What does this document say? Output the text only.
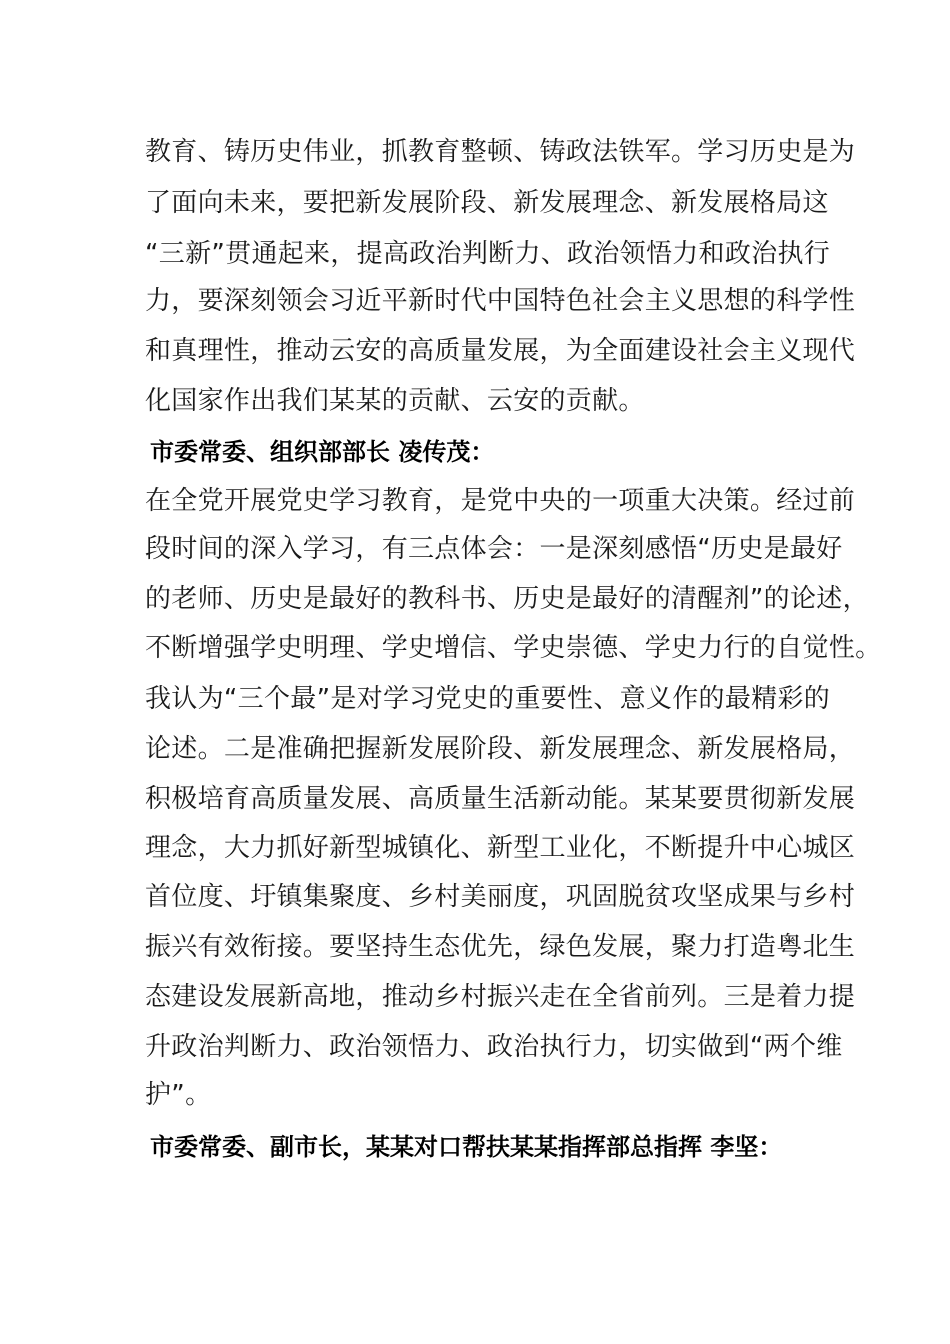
教育、铸历史伟业，抓教育整顿、铸政法铁军。学习历史是为
了面向未来，要把新发展阶段、新发展理念、新发展格局这
“三新”贯通起来，提高政治判断力、政治领悟力和政治执行
力，要深刻领会习近平新时代中国特色社会主义思想的科学性
和真理性，推动云安的高质量发展，为全面建设社会主义现代
化国家作出我们某某的贡献、云安的贡献。
市委常委、组织部部长 凌传茂：
在全党开展党史学习教育，是党中央的一项重大决策。经过前
段时间的深入学习，有三点体会：一是深刻感悟“历史是最好
的老师、历史是最好的教科书、历史是最好的清醒剂”的论述，
不断增强学史明理、学史增信、学史崇德、学史力行的自觉性。
我认为“三个最”是对学习党史的重要性、意义作的最精彩的
论述。二是准确把握新发展阶段、新发展理念、新发展格局，
积极培育高质量发展、高质量生活新动能。某某要贯彻新发展
理念，大力抓好新型城镇化、新型工业化，不断提升中心城区
首位度、圩镇集聚度、乡村美丽度，巩固脱贫攻坚成果与乡村
振兴有效衔接。要坚持生态优先，绿色发展，聚力打造粤北生
态建设发展新高地，推动乡村振兴走在全省前列。三是着力提
升政治判断力、政治领悟力、政治执行力，切实做到“两个维
护”。
市委常委、副市长，某某对口帮扶某某指挥部总指挥 李坚：
